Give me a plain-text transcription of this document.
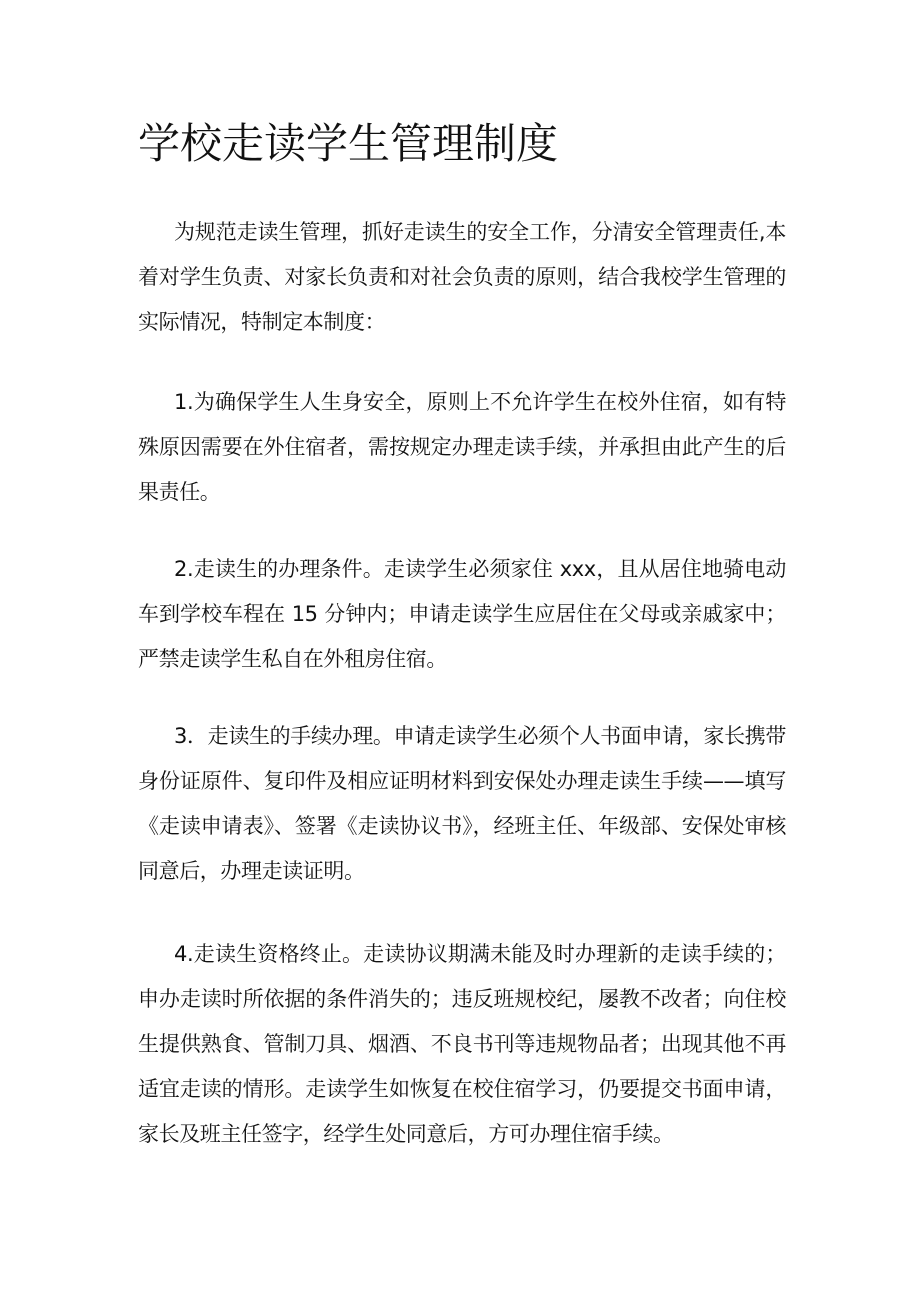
学校走读学生管理制度

为规范走读生管理，抓好走读生的安全工作，分清安全管理责任,本着对学生负责、对家长负责和对社会负责的原则，结合我校学生管理的实际情况，特制定本制度：

1.为确保学生人生身安全，原则上不允许学生在校外住宿，如有特殊原因需要在外住宿者，需按规定办理走读手续，并承担由此产生的后果责任。

2.走读生的办理条件。走读学生必须家住 xxx，且从居住地骑电动车到学校车程在 15 分钟内；申请走读学生应居住在父母或亲戚家中；严禁走读学生私自在外租房住宿。

3．走读生的手续办理。申请走读学生必须个人书面申请，家长携带身份证原件、复印件及相应证明材料到安保处办理走读生手续——填写《走读申请表》、签署《走读协议书》，经班主任、年级部、安保处审核同意后，办理走读证明。

4.走读生资格终止。走读协议期满未能及时办理新的走读手续的；申办走读时所依据的条件消失的；违反班规校纪，屡教不改者；向住校生提供熟食、管制刀具、烟酒、不良书刊等违规物品者；出现其他不再适宜走读的情形。走读学生如恢复在校住宿学习，仍要提交书面申请，家长及班主任签字，经学生处同意后，方可办理住宿手续。
